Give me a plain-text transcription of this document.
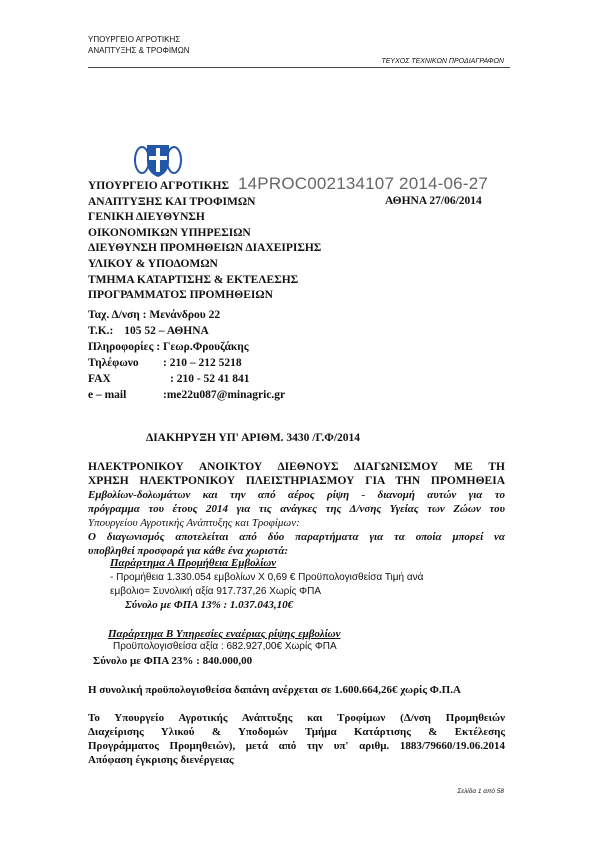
ΥΠΟΥΡΓΕΙΟ ΑΓΡΟΤΙΚΗΣ
ΑΝΑΠΤΥΞΗΣ & ΤΡΟΦΙΜΩΝ
ΤΕΥΧΟΣ ΤΕΧΝΙΚΩΝ ΠΡΟΔΙΑΓΡΑΦΩΝ
ΥΠΟΥΡΓΕΙΟ ΑΓΡΟΤΙΚΗΣ
ΑΝΑΠΤΥΞΗΣ ΚΑΙ ΤΡΟΦΙΜΩΝ
ΓΕΝΙΚΗ ΔΙΕΥΘΥΝΣΗ
ΟΙΚΟΝΟΜΙΚΩΝ ΥΠΗΡΕΣΙΩΝ
ΔΙΕΥΘΥΝΣΗ ΠΡΟΜΗΘΕΙΩΝ ΔΙΑΧΕΙΡΙΣΗΣ
ΥΛΙΚΟΥ & ΥΠΟΔΟΜΩΝ
ΤΜΗΜΑ ΚΑΤΑΡΤΙΣΗΣ & ΕΚΤΕΛΕΣΗΣ
ΠΡΟΓΡΑΜΜΑΤΟΣ ΠΡΟΜΗΘΕΙΩΝ
ΑΘΗΝΑ 27/06/2014
14PROC002134107 2014-06-27
Ταχ. Δ/νση : Μενάνδρου 22
Τ.Κ.: 105 52 – ΑΘΗΝΑ
Πληροφορίες : Γεωρ.Φρουζάκης
Τηλέφωνο : 210 – 212 5218
FAX	: 210 - 52 41 841
e – mail	:me22u087@minagric.gr
ΔΙΑΚΗΡΥΞΗ ΥΠ' ΑΡΙΘΜ. 3430 /Γ.Φ/2014
ΗΛΕΚΤΡΟΝΙΚΟΥ ΑΝΟΙΚΤΟΥ ΔΙΕΘΝΟΥΣ ΔΙΑΓΩΝΙΣΜΟΥ ΜΕ ΤΗ
ΧΡΗΣΗ ΗΛΕΚΤΡΟΝΙΚΟΥ ΠΛΕΙΣΤΗΡΙΑΣΜΟΥ ΓΙΑ ΤΗΝ ΠΡΟΜΗΘΕΙΑ
Εμβολίων-δολωμάτων και την από αέρος ρίψη - διανομή αυτών για το
πρόγραμμα του έτους 2014 για τις ανάγκες της Δ/νσης Υγείας των Ζώων του
Υπουργείου Αγροτικής Ανάπτυξης και Τροφίμων:
Ο διαγωνισμός αποτελείται από δύο παραρτήματα για τα οποία μπορεί να
υποβληθεί προσφορά για κάθε ένα χωριστά:
Παράρτημα Α Προμήθεια Εμβολίων
- Προμήθεια 1.330.054 εμβολίων Χ 0,69 € Προϋπολογισθείσα Τιμή ανά
εμβολιο= Συνολική αξία 917.737,26 Χωρίς ΦΠΑ
Σύνολο με ΦΠΑ 13% : 1.037.043,10€
Παράρτημα Β Υπηρεσίες εναέριας ρίψης εμβολίων
Προϋπολογισθείσα αξία : 682.927,00€ Χωρίς ΦΠΑ
Σύνολο με ΦΠΑ 23% : 840.000,00
Η συνολική προϋπολογισθείσα δαπάνη ανέρχεται σε 1.600.664,26€ χωρίς Φ.Π.Α
Το Υπουργείο Αγροτικής Ανάπτυξης και Τροφίμων (Δ/νση Προμηθειών
Διαχείρισης Υλικού & Υποδομών Τμήμα Κατάρτισης & Εκτέλεσης
Προγράμματος Προμηθειών), μετά από την υπ' αριθμ. 1883/79660/19.06.2014
Απόφαση έγκρισης διενέργειας
Σελίδα 1 από 58
